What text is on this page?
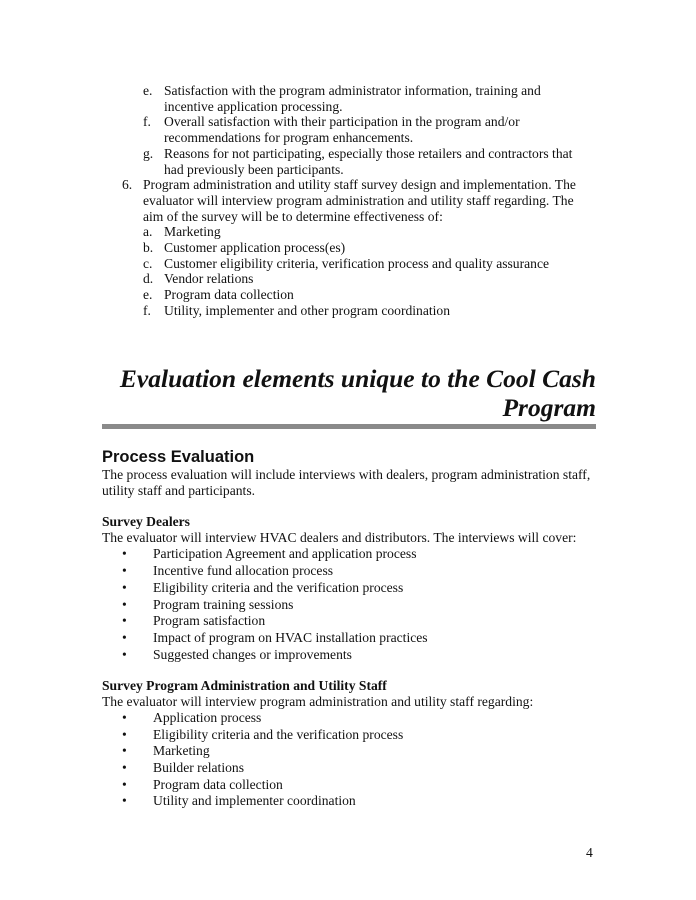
e. Satisfaction with the program administrator information, training and incentive application processing.
f. Overall satisfaction with their participation in the program and/or recommendations for program enhancements.
g. Reasons for not participating, especially those retailers and contractors that had previously been participants.
6. Program administration and utility staff survey design and implementation. The evaluator will interview program administration and utility staff regarding. The aim of the survey will be to determine effectiveness of:
a. Marketing
b. Customer application process(es)
c. Customer eligibility criteria, verification process and quality assurance
d. Vendor relations
e. Program data collection
f. Utility, implementer and other program coordination
Evaluation elements unique to the Cool Cash
Program
Process Evaluation
The process evaluation will include interviews with dealers, program administration staff, utility staff and participants.
Survey Dealers
The evaluator will interview HVAC dealers and distributors. The interviews will cover:
• Participation Agreement and application process
• Incentive fund allocation process
• Eligibility criteria and the verification process
• Program training sessions
• Program satisfaction
• Impact of program on HVAC installation practices
• Suggested changes or improvements
Survey Program Administration and Utility Staff
The evaluator will interview program administration and utility staff regarding:
• Application process
• Eligibility criteria and the verification process
• Marketing
• Builder relations
• Program data collection
• Utility and implementer coordination
4
